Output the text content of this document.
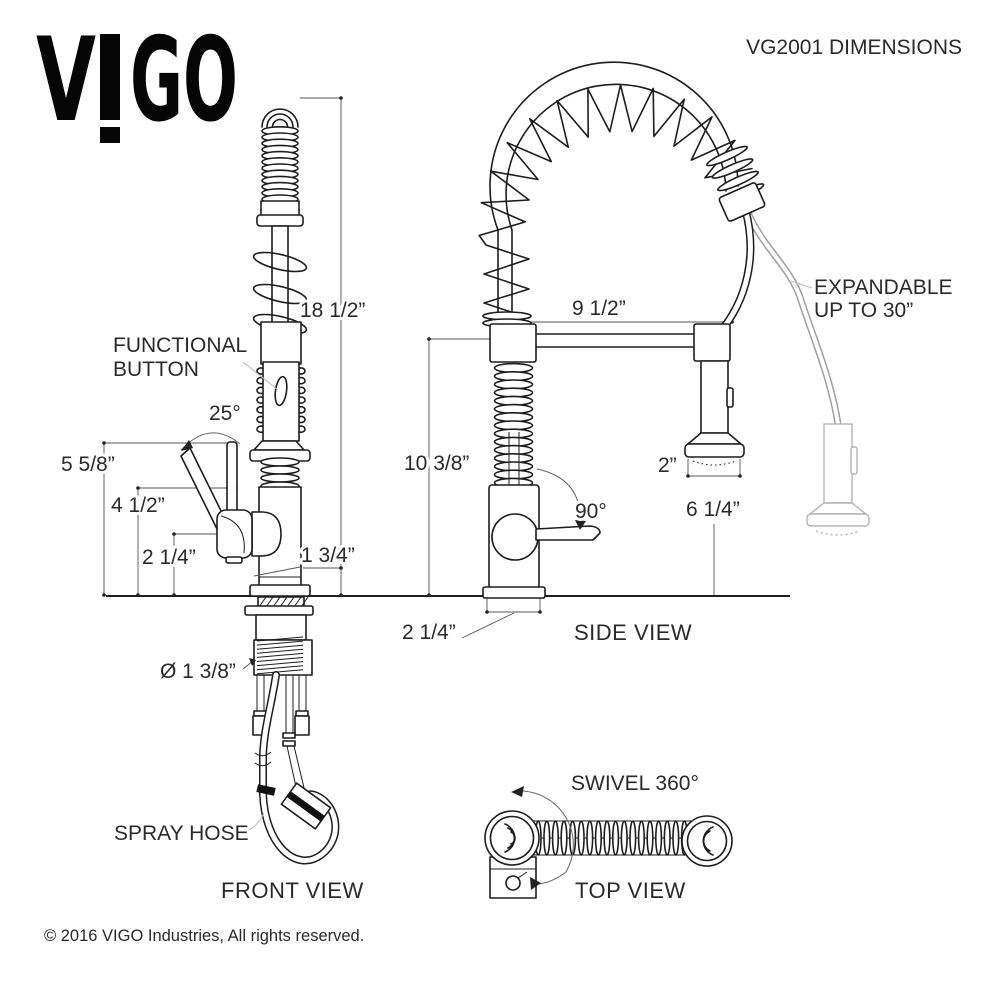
18 1/2”
25°
5 5/8”
4 1/2”
2 1/4”	1 3/4”
Ø 1 3/8”
FUNCTIONAL
BUTTON
SPRAY HOSE
FRONT VIEW
9 1/2”
10 3/8”
90°
2”
6 1/4”
2 1/4”
EXPANDABLE
UP TO 30”
SIDE VIEW
SWIVEL 360°
TOP VIEW
VG2001 DIMENSIONS
© 2016 VIGO Industries, All rights reserved.
V GO
